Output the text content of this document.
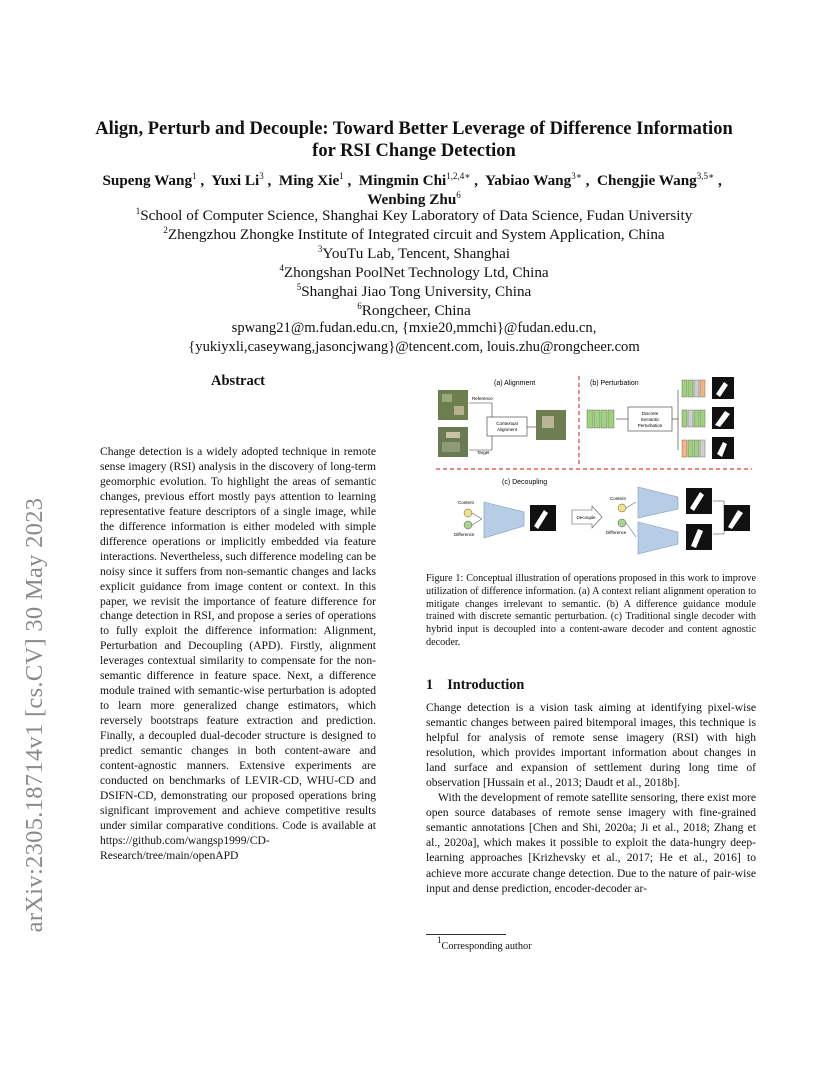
arXiv:2305.18714v1 [cs.CV] 30 May 2023
Align, Perturb and Decouple: Toward Better Leverage of Difference Information
for RSI Change Detection
Supeng Wang$^1$ ,  Yuxi Li$^3$ ,  Ming Xie$^1$ ,  Mingmin Chi$^{1,2,4∗}$ ,  Yabiao Wang$^{3∗}$ ,  Chengjie Wang$^{3,5∗}$ ,  Wenbing Zhu$^6$
$^1$School of Computer Science, Shanghai Key Laboratory of Data Science, Fudan University
$^2$Zhengzhou Zhongke Institute of Integrated circuit and System Application, China
$^3$YouTu Lab, Tencent, Shanghai
$^4$Zhongshan PoolNet Technology Ltd, China
$^5$Shanghai Jiao Tong University, China
$^6$Rongcheer, China
spwang21@m.fudan.edu.cn, {mxie20,mmchi}@fudan.edu.cn,
{yukiyxli,caseywang,jasoncjwang}@tencent.com, louis.zhu@rongcheer.com
Abstract

Change detection is a widely adopted technique in remote sense imagery (RSI) analysis in the discovery of long-term geomorphic evolution. To highlight the areas of semantic changes, previous effort mostly pays attention to learning representative feature descriptors of a single image, while the difference information is either modeled with simple difference operations or implicitly embedded via feature interactions. Nevertheless, such difference modeling can be noisy since it suffers from non-semantic changes and lacks explicit guidance from image content or context. In this paper, we revisit the importance of feature difference for change detection in RSI, and propose a series of operations to fully exploit the difference information: Alignment, Perturbation and Decoupling (APD). Firstly, alignment leverages contextual similarity to compensate for the non-semantic difference in feature space. Next, a difference module trained with semantic-wise perturbation is adopted to learn more generalized change estimators, which reversely bootstraps feature extraction and prediction. Finally, a decoupled dual-decoder structure is designed to predict semantic changes in both content-aware and content-agnostic manners. Extensive experiments are conducted on benchmarks of LEVIR-CD, WHU-CD and DSIFN-CD, demonstrating our proposed operations bring significant improvement and achieve competitive results under similar comparative conditions. Code is available at https://github.com/wangsp1999/CD-Research/tree/main/openAPD

(a) Alignment
Reference
Target
Contextual
Alignment
(b) Perturbation
Discrete
Semantic
Perturbation
(c) Decoupling
Content
Difference
Decouple
Content
Difference

Figure 1: Conceptual illustration of operations proposed in this work to improve utilization of difference information. (a) A context reliant alignment operation to mitigate changes irrelevant to semantic. (b) A difference guidance module trained with discrete semantic perturbation. (c) Traditional single decoder with hybrid input is decoupled into a content-aware decoder and content agnostic decoder.

1 Introduction

Change detection is a vision task aiming at identifying pixel-wise semantic changes between paired bitemporal images, this technique is helpful for analysis of remote sense imagery (RSI) with high resolution, which provides important information about changes in land surface and expansion of settlement during long time of observation [Hussain et al., 2013; Daudt et al., 2018b].

With the development of remote satellite sensoring, there exist more open source databases of remote sense imagery with fine-grained semantic annotations [Chen and Shi, 2020a; Ji et al., 2018; Zhang et al., 2020a], which makes it possible to exploit the data-hungry deep-learning approaches [Krizhevsky et al., 2017; He et al., 2016] to achieve more accurate change detection. Due to the nature of pair-wise input and dense prediction, encoder-decoder ar-

$^1$Corresponding author
